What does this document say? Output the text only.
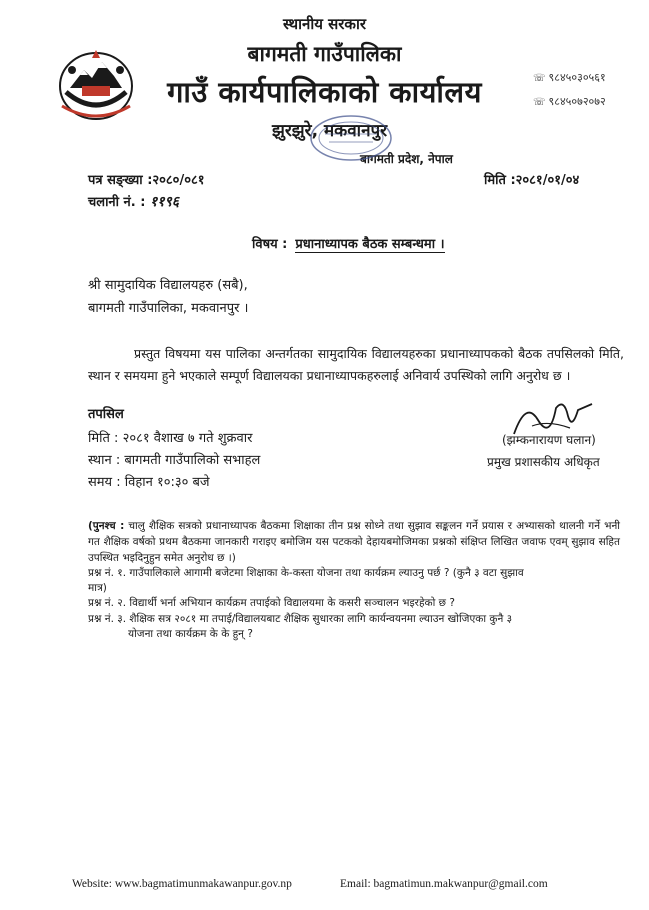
स्थानीय सरकार
बागमती गाउँपालिका
गाउँ कार्यपालिकाको कार्यालय
झुरझुरे, मकवानपुर
बागमती प्रदेश, नेपाल
☏ ९८४५०३०५६१
☏ ९८४५०७२०७२
पत्र सङ्ख्या :२०८०/०८१
चलानी नं. : ११९६
मिति :२०८१/०१/०४
विषय : प्रधानाध्यापक बैठक सम्बन्धमा ।
श्री सामुदायिक विद्यालयहरु (सबै),
बागमती गाउँपालिका, मकवानपुर ।
प्रस्तुत विषयमा यस पालिका अन्तर्गतका सामुदायिक विद्यालयहरुका प्रधानाध्यापकको बैठक तपसिलको मिति, स्थान र समयमा हुने भएकाले सम्पूर्ण विद्यालयका प्रधानाध्यापकहरुलाई अनिवार्य उपस्थिको लागि अनुरोध छ ।
तपसिल
मिति : २०८१ वैशाख ७ गते शुक्रवार
स्थान : बागमती गाउँपालिको सभाहल
समय : विहान १०:३० बजे
(झम्कनारायण घलान)
प्रमुख प्रशासकीय अधिकृत
(पुनश्च : चालु शैक्षिक सत्रको प्रधानाध्यापक बैठकमा शिक्षाका तीन प्रश्न सोध्ने तथा सुझाव सङ्कलन गर्ने प्रयास र अभ्यासको थालनी गर्ने भनी गत शैक्षिक वर्षको प्रथम बैठकमा जानकारी गराइए बमोजिम यस पटकको देहायबमोजिमका प्रश्नको संक्षिप्त लिखित जवाफ एवम् सुझाव सहित उपस्थित भइदिनुहुन समेत अनुरोध छ ।)
प्रश्न नं. १. गाउँपालिकाले आगामी बजेटमा शिक्षाका के-कस्ता योजना तथा कार्यक्रम ल्याउनु पर्छ ? (कुनै ३ वटा सुझाव
मात्र)
प्रश्न नं. २. विद्यार्थी भर्ना अभियान कार्यक्रम तपाईको विद्यालयमा के कसरी सञ्चालन भइरहेको छ ?
प्रश्न नं. ३. शैक्षिक सत्र २०८१ मा तपाई/विद्यालयबाट शैक्षिक सुधारका लागि कार्यन्वयनमा ल्याउन खोजिएका कुनै ३
योजना तथा कार्यक्रम के के हुन् ?
Website: www.bagmatimunmakawanpur.gov.np	Email: bagmatimun.makwanpur@gmail.com
